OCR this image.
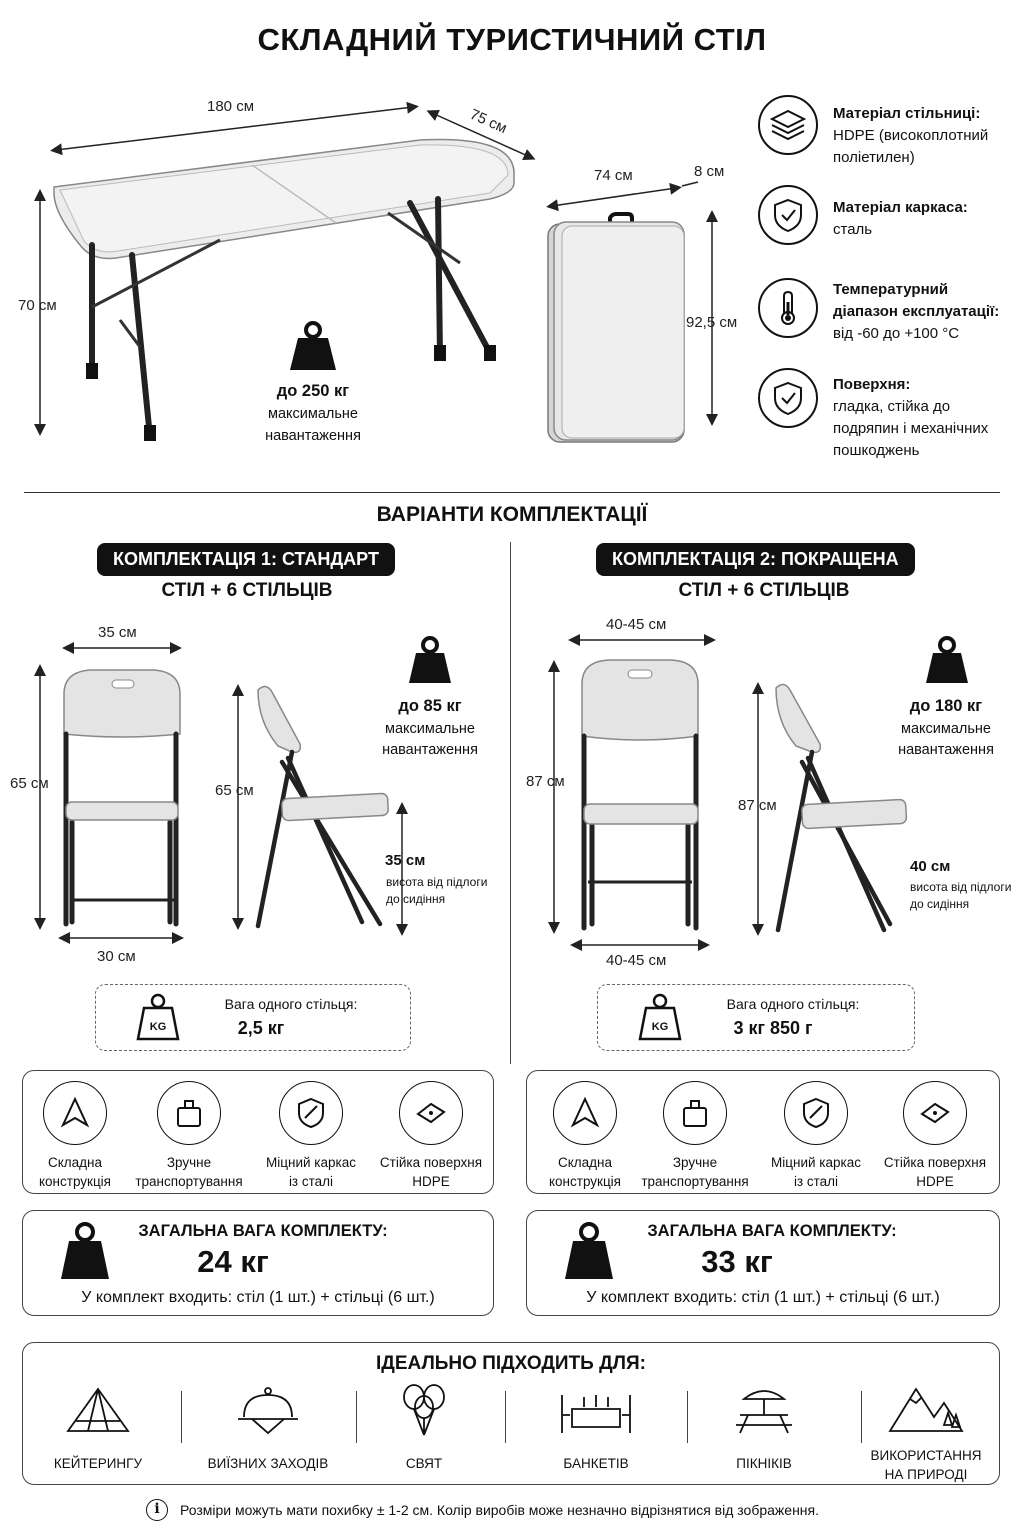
СКЛАДНИЙ ТУРИСТИЧНИЙ СТІЛ
180 см	75 см
70 см
до 250 кг
максимальне
навантаження
74 см	8 см
92,5 см
Матеріал стільниці:
HDPE (високоплотний
поліетилен)
Матеріал каркаса:
сталь
Температурний
діапазон експлуатації:
від -60 до +100 °C
Поверхня:
гладка, стійка до
подряпин і механічних
пошкоджень
ВАРІАНТИ КОМПЛЕКТАЦІЇ
КОМПЛЕКТАЦІЯ 1: СТАНДАРТ
СТІЛ + 6 СТІЛЬЦІВ
35 см
65 см
30 см
65 см
35 см
висота від підлоги
до сидіння
до 85 кг
максимальне
навантаження
KG
Вага одного стільця:
2,5 кг
Складна
конструкція
Зручне
транспортування
Міцний каркас
із сталі
Стійка поверхня
HDPE
ЗАГАЛЬНА ВАГА КОМПЛЕКТУ:
24 кг
У комплект входить: стіл (1 шт.) + стільці (6 шт.)
КОМПЛЕКТАЦІЯ 2: ПОКРАЩЕНА
СТІЛ + 6 СТІЛЬЦІВ
40-45 см
87 см
40-45 см
87 см
40 см
висота від підлоги
до сидіння
до 180 кг
максимальне
навантаження
KG
Вага одного стільця:
3 кг 850 г
Складна
конструкція
Зручне
транспортування
Міцний каркас
із сталі
Стійка поверхня
HDPE
ЗАГАЛЬНА ВАГА КОМПЛЕКТУ:
33 кг
У комплект входить: стіл (1 шт.) + стільці (6 шт.)
ІДЕАЛЬНО ПІДХОДИТЬ ДЛЯ:
КЕЙТЕРИНГУ	ВИЇЗНИХ ЗАХОДІВ	СВЯТ	БАНКЕТІВ	ПІКНІКІВ
ВИКОРИСТАННЯ
НА ПРИРОДІ
i	Розміри можуть мати похибку ± 1-2 см. Колір виробів може незначно відрізнятися від зображення.
